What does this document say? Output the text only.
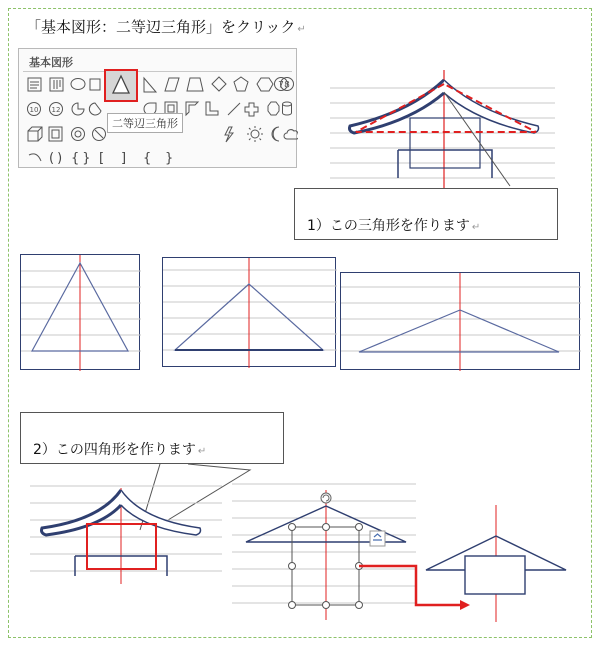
「基本図形：二等辺三角形」をクリック ↵
基本図形
7 8
10 12
( ) { } [ ] { }
二等辺三角形
1）この三角形を作ります ↵
2）この四角形を作ります ↵
